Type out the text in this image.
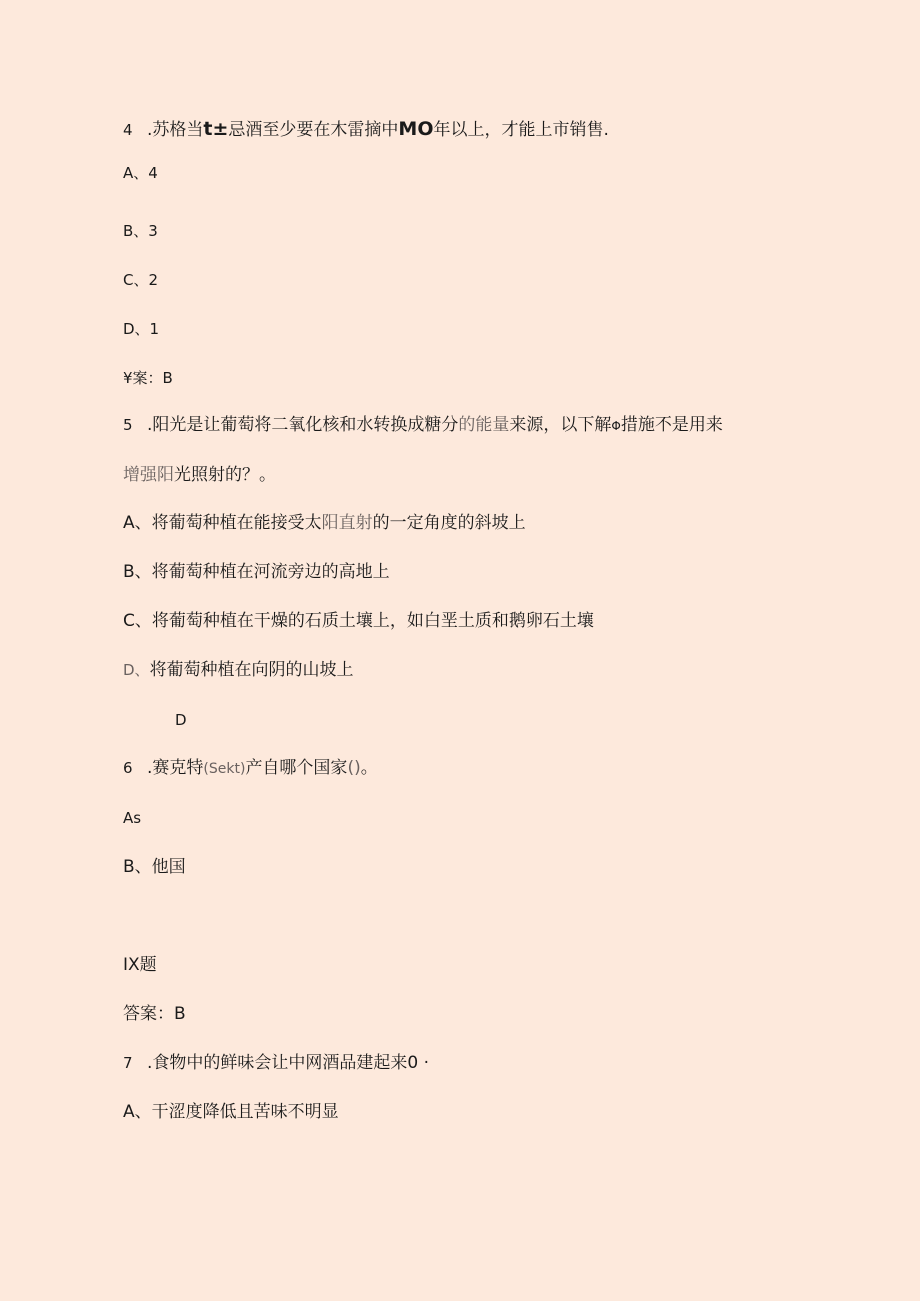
4 .苏格当t±忌酒至少要在木雷摘中MO年以上，才能上市销售.
A、4
B、3
C、2
D、1
¥案：B
5 .阳光是让葡萄将二氧化核和水转换成糖分的能量来源，以下解Φ措施不是用来
增强阳光照射的？。
A、将葡萄种植在能接受太阳直射的一定角度的斜坡上
B、将葡萄种植在河流旁边的高地上
C、将葡萄种植在干燥的石质土壤上，如白垩土质和鹅卵石土壤
D、将葡萄种植在向阴的山坡上
D
6 .赛克特(Sekt)产自哪个国家()。
As
B、他国
IX题
答案：B
7 .食物中的鲜味会让中网酒品建起来0 ·
A、干涩度降低且苦味不明显
